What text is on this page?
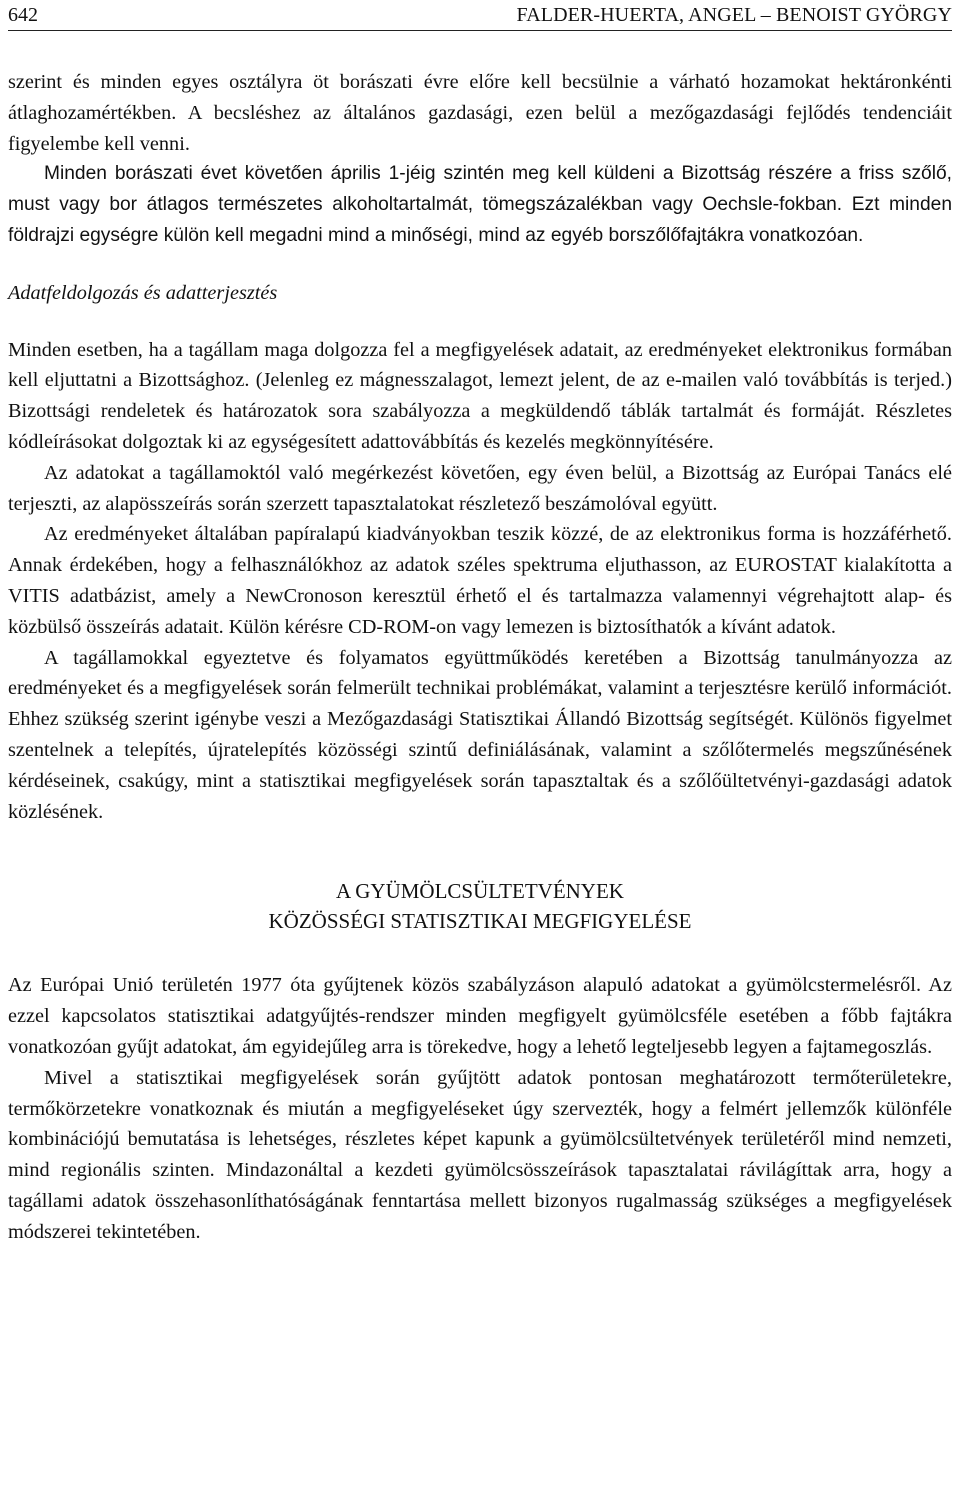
642	FALDER-HUERTA, ANGEL – BENOIST GYÖRGY

szerint és minden egyes osztályra öt borászati évre előre kell becsülnie a várható hozamokat hektáronkénti átlaghozamértékben. A becsléshez az általános gazdasági, ezen belül a mezőgazdasági fejlődés tendenciáit figyelembe kell venni.

Minden borászati évet követően április 1-jéig szintén meg kell küldeni a Bizottság részére a friss szőlő, must vagy bor átlagos természetes alkoholtartalmát, tömegszázalékban vagy Oechsle-fokban. Ezt minden földrajzi egységre külön kell megadni mind a minőségi, mind az egyéb borszőlőfajtákra vonatkozóan.

Adatfeldolgozás és adatterjesztés

Minden esetben, ha a tagállam maga dolgozza fel a megfigyelések adatait, az eredményeket elektronikus formában kell eljuttatni a Bizottsághoz. (Jelenleg ez mágnesszalagot, lemezt jelent, de az e-mailen való továbbítás is terjed.) Bizottsági rendeletek és határozatok sora szabályozza a megküldendő táblák tartalmát és formáját. Részletes kódleírásokat dolgoztak ki az egységesített adattovábbítás és kezelés megkönnyítésére.

Az adatokat a tagállamoktól való megérkezést követően, egy éven belül, a Bizottság az Európai Tanács elé terjeszti, az alapösszeírás során szerzett tapasztalatokat részletező beszámolóval együtt.

Az eredményeket általában papíralapú kiadványokban teszik közzé, de az elektronikus forma is hozzáférhető. Annak érdekében, hogy a felhasználókhoz az adatok széles spektruma eljuthasson, az EUROSTAT kialakította a VITIS adatbázist, amely a NewCronoson keresztül érhető el és tartalmazza valamennyi végrehajtott alap- és közbülső összeírás adatait. Külön kérésre CD-ROM-on vagy lemezen is biztosíthatók a kívánt adatok.

A tagállamokkal egyeztetve és folyamatos együttműködés keretében a Bizottság tanulmányozza az eredményeket és a megfigyelések során felmerült technikai problémákat, valamint a terjesztésre kerülő információt. Ehhez szükség szerint igénybe veszi a Mezőgazdasági Statisztikai Állandó Bizottság segítségét. Különös figyelmet szentelnek a telepítés, újratelepítés közösségi szintű definiálásának, valamint a szőlőtermelés megszűnésének kérdéseinek, csakúgy, mint a statisztikai megfigyelések során tapasztaltak és a szőlőültetvényi-gazdasági adatok közlésének.

A GYÜMÖLCSÜLTETVÉNYEK
KÖZÖSSÉGI STATISZTIKAI MEGFIGYELÉSE

Az Európai Unió területén 1977 óta gyűjtenek közös szabályzáson alapuló adatokat a gyümölcstermelésről. Az ezzel kapcsolatos statisztikai adatgyűjtés-rendszer minden megfigyelt gyümölcsféle esetében a főbb fajtákra vonatkozóan gyűjt adatokat, ám egyidejűleg arra is törekedve, hogy a lehető legteljesebb legyen a fajtamegoszlás.

Mivel a statisztikai megfigyelések során gyűjtött adatok pontosan meghatározott termőterületekre, termőkörzetekre vonatkoznak és miután a megfigyeléseket úgy szervezték, hogy a felmért jellemzők különféle kombinációjú bemutatása is lehetséges, részletes képet kapunk a gyümölcsültetvények területéről mind nemzeti, mind regionális szinten. Mindazonáltal a kezdeti gyümölcsösszeírások tapasztalatai rávilágíttak arra, hogy a tagállami adatok összehasonlíthatóságának fenntartása mellett bizonyos rugalmasság szükséges a megfigyelések módszerei tekintetében.
